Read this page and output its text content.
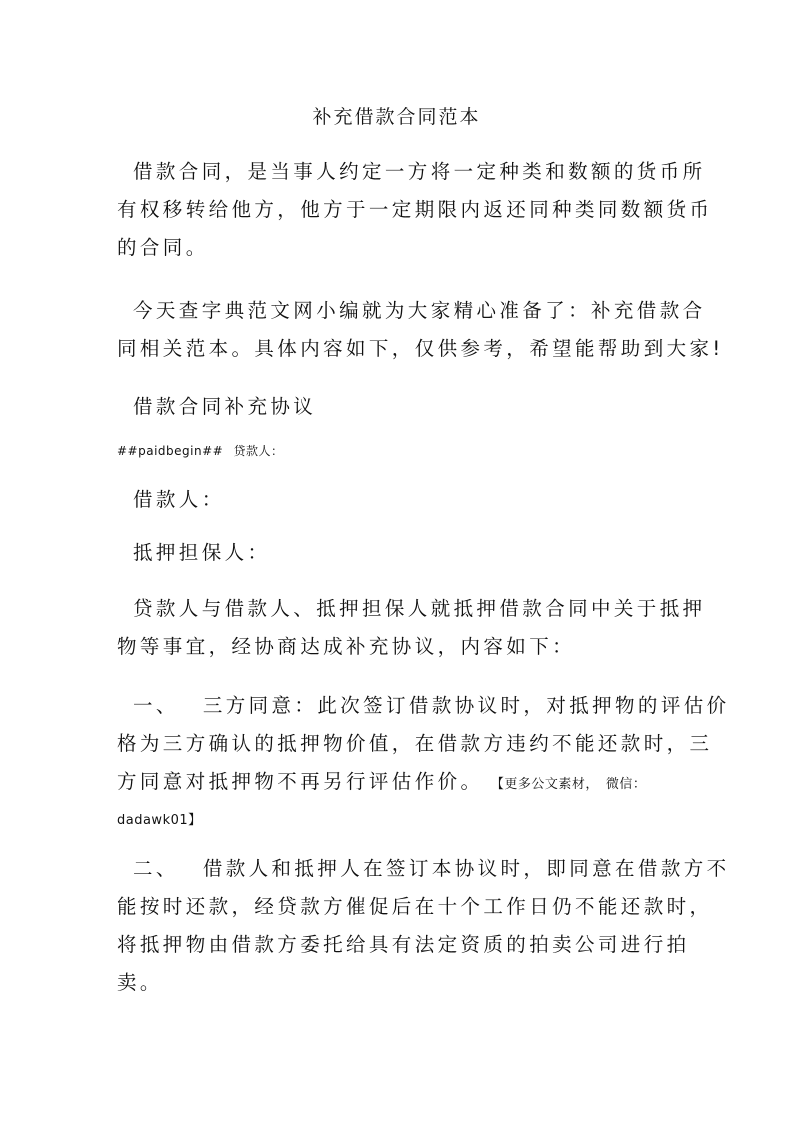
补充借款合同范本
借款合同，是当事人约定一方将一定种类和数额的货币所
有权移转给他方，他方于一定期限内返还同种类同数额货币
的合同。
今天查字典范文网小编就为大家精心准备了：补充借款合
同相关范本。具体内容如下，仅供参考，希望能帮助到大家!
借款合同补充协议
##paidbegin## 贷款人：
借款人：
抵押担保人：
贷款人与借款人、抵押担保人就抵押借款合同中关于抵押
物等事宜，经协商达成补充协议，内容如下：
一、 三方同意：此次签订借款协议时，对抵押物的评估价
格为三方确认的抵押物价值，在借款方违约不能还款时，三
方同意对抵押物不再另行评估作价。 【更多公文素材，　微信：
dadawk01】
二、 借款人和抵押人在签订本协议时，即同意在借款方不
能按时还款，经贷款方催促后在十个工作日仍不能还款时，
将抵押物由借款方委托给具有法定资质的拍卖公司进行拍
卖。
